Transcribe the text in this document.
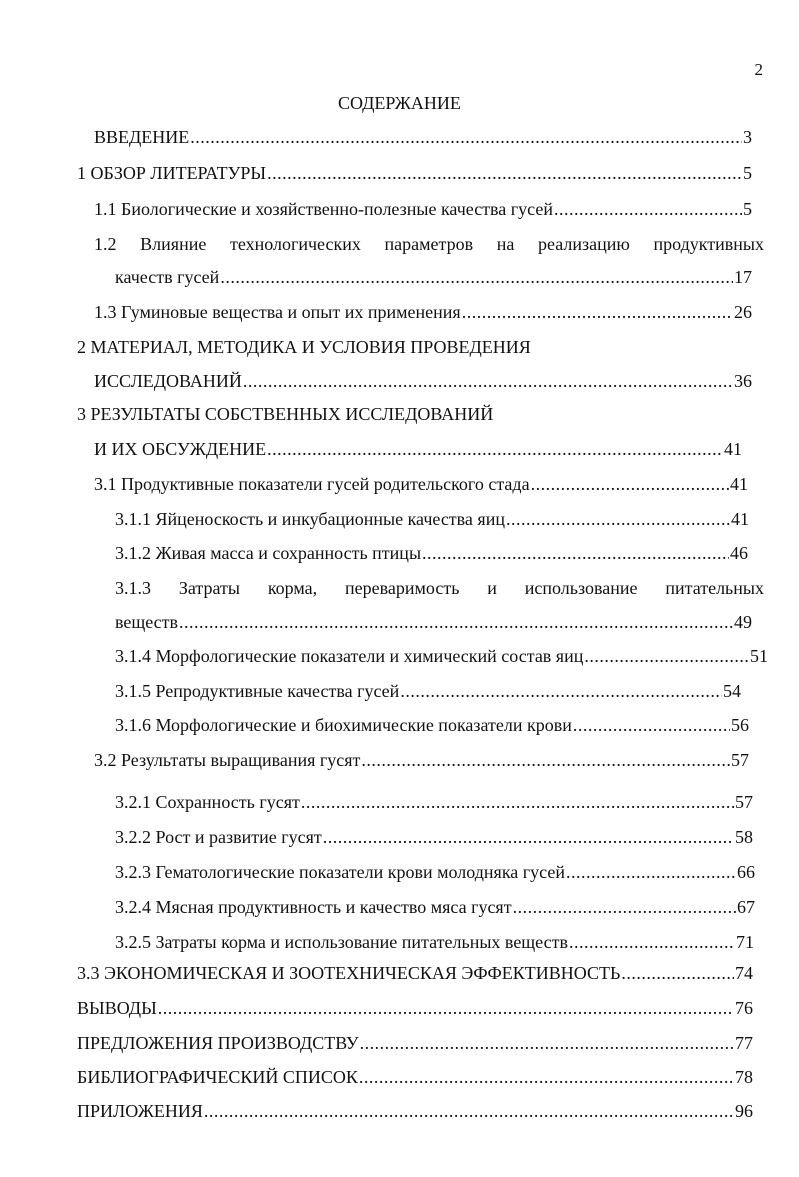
2
СОДЕРЖАНИЕ
ВВЕДЕНИЕ . . .	3
1 ОБЗОР ЛИТЕРАТУРЫ . . .	5
1.1 Биологические и хозяйственно-полезные качества гусей . . .	5
1.2 Влияние технологических параметров на реализацию продуктивных
качеств гусей . . .	17
1.3 Гуминовые вещества и опыт их применения . . .	26
2 МАТЕРИАЛ, МЕТОДИКА И УСЛОВИЯ ПРОВЕДЕНИЯ
ИССЛЕДОВАНИЙ . . .	36
3 РЕЗУЛЬТАТЫ СОБСТВЕННЫХ ИССЛЕДОВАНИЙ
И ИХ ОБСУЖДЕНИЕ . . .	41
3.1 Продуктивные показатели гусей родительского стада . . .	41
3.1.1 Яйценоскость и инкубационные качества яиц . . .	41
3.1.2 Живая масса и сохранность птицы . . .	46
3.1.3 Затраты корма, переваримость и использование питательных
веществ . . .	49
3.1.4 Морфологические показатели и химический состав яиц . . .	51
3.1.5 Репродуктивные качества гусей . . .	54
3.1.6 Морфологические и биохимические показатели крови . . .	56
3.2 Результаты выращивания гусят . . .	57
3.2.1 Сохранность гусят . . .	57
3.2.2 Рост и развитие гусят . . .	58
3.2.3 Гематологические показатели крови молодняка гусей . . .	66
3.2.4 Мясная продуктивность и качество мяса гусят . . .	67
3.2.5 Затраты корма и использование питательных веществ . . .	71
3.3 ЭКОНОМИЧЕСКАЯ И ЗООТЕХНИЧЕСКАЯ ЭФФЕКТИВНОСТЬ . . .	74
ВЫВОДЫ . . .	76
ПРЕДЛОЖЕНИЯ ПРОИЗВОДСТВУ . . .	77
БИБЛИОГРАФИЧЕСКИЙ СПИСОК . . .	78
ПРИЛОЖЕНИЯ . . .	96
